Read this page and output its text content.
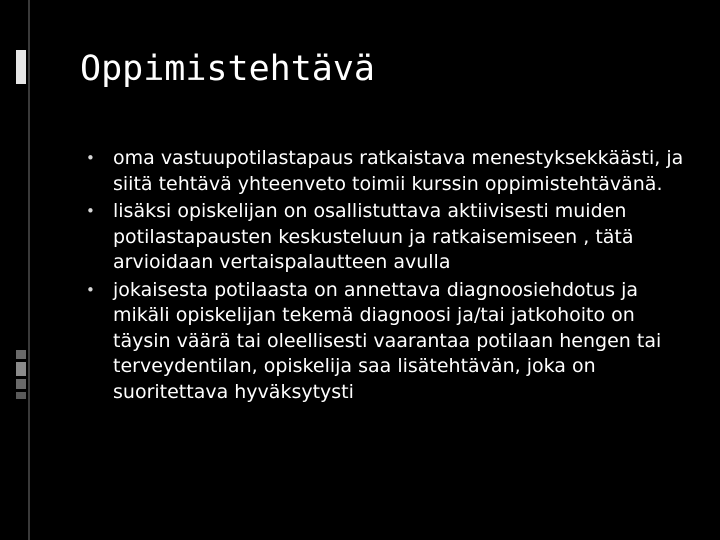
Oppimistehtävä
• oma vastuupotilastapaus ratkaistava menestyksekkäästi, ja siitä tehtävä yhteenveto toimii kurssin oppimistehtävänä.
• lisäksi opiskelijan on osallistuttava aktiivisesti muiden potilastapausten keskusteluun ja ratkaisemiseen , tätä arvioidaan vertaispalautteen avulla
• jokaisesta potilaasta on annettava diagnoosiehdotus ja mikäli opiskelijan tekemä diagnoosi ja/tai jatkohoito on täysin väärä tai oleellisesti vaarantaa potilaan hengen tai terveydentilan, opiskelija saa lisätehtävän, joka on suoritettava hyväksytysti
